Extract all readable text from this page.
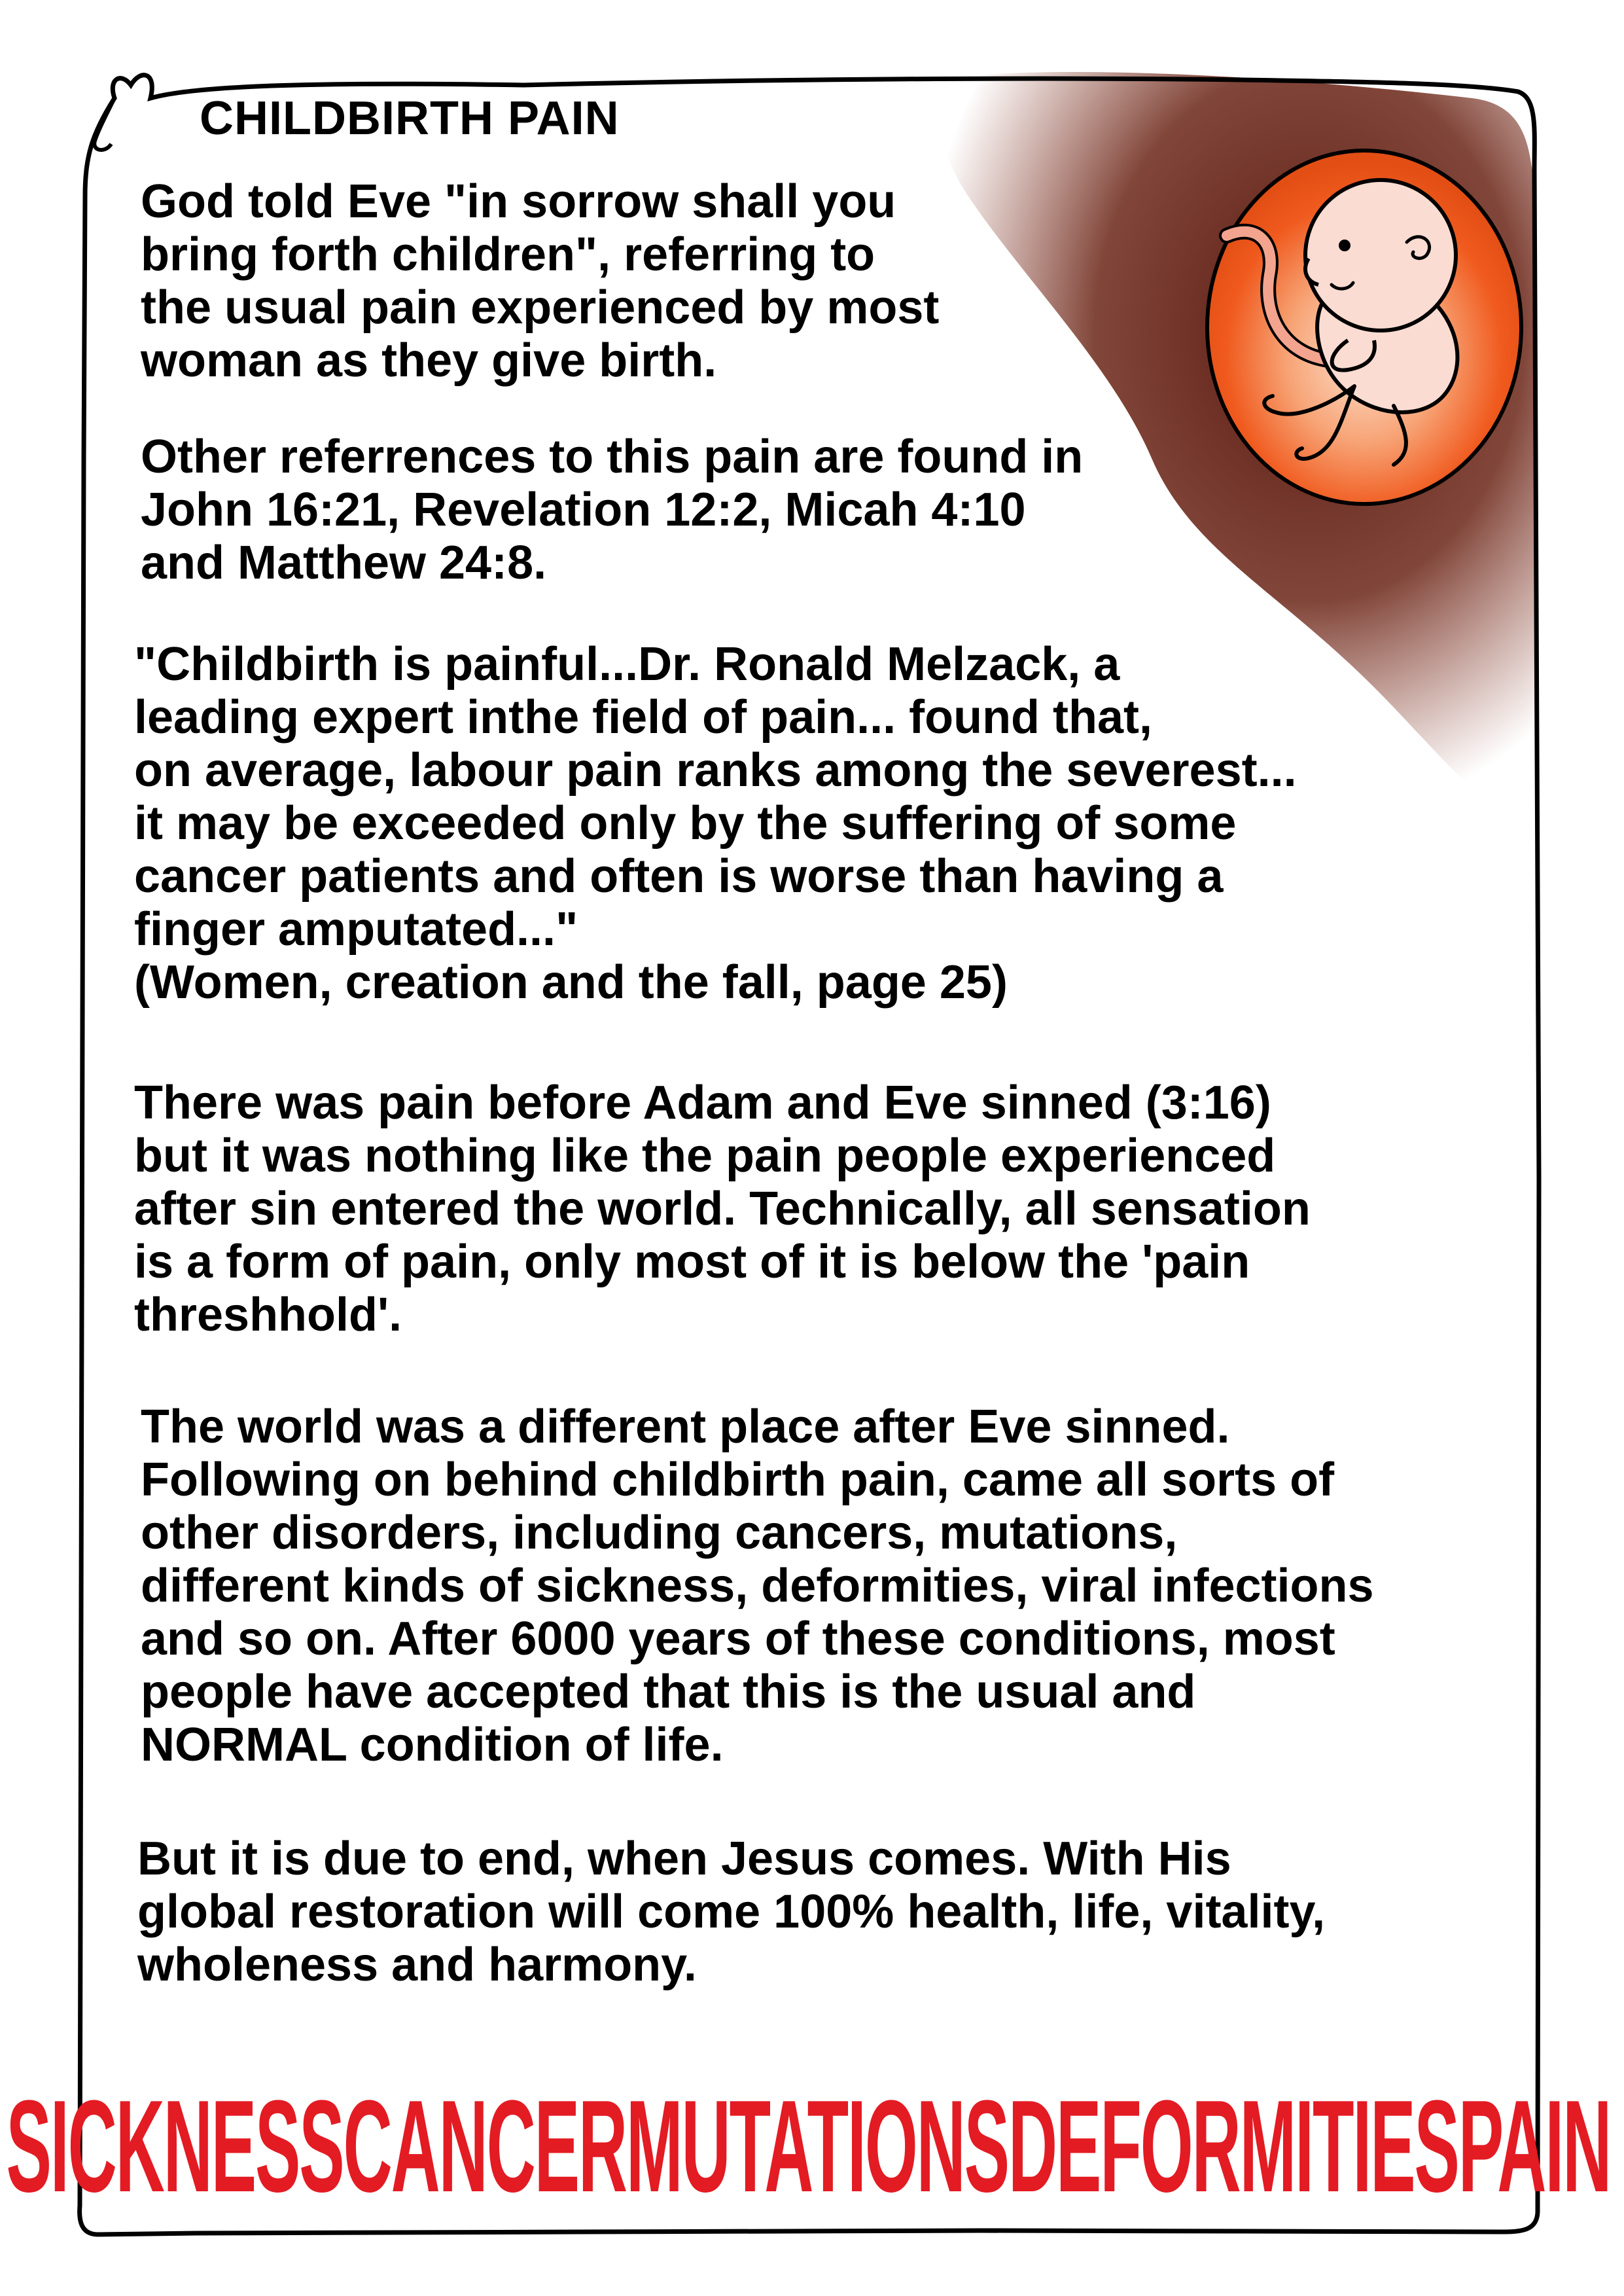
CHILDBIRTH PAIN

God told Eve "in sorrow shall you
bring forth children", referring to
the usual pain experienced by most
woman as they give birth.

Other referrences to this pain are found in
John 16:21, Revelation 12:2, Micah 4:10
and Matthew 24:8.

"Childbirth is painful...Dr. Ronald Melzack, a
leading expert inthe field of pain... found that,
on average, labour pain ranks among the severest...
it may be exceeded only by the suffering of some
cancer patients and often is worse than having a
finger amputated..."
(Women, creation and the fall, page 25)

There was pain before Adam and Eve sinned (3:16)
but it was nothing like the pain people experienced
after sin entered the world. Technically, all sensation
is a form of pain, only most of it is below the 'pain
threshhold'.

The world was a different place after Eve sinned.
Following on behind childbirth pain, came all sorts of
other disorders, including cancers, mutations,
different kinds of sickness, deformities, viral infections
and so on. After 6000 years of these conditions, most
people have accepted that this is the usual and
NORMAL condition of life.

But it is due to end, when Jesus comes. With His
global restoration will come 100% health, life, vitality,
wholeness and harmony.

SICKNESSCANCERMUTATIONSDEFORMITIESPAIN
